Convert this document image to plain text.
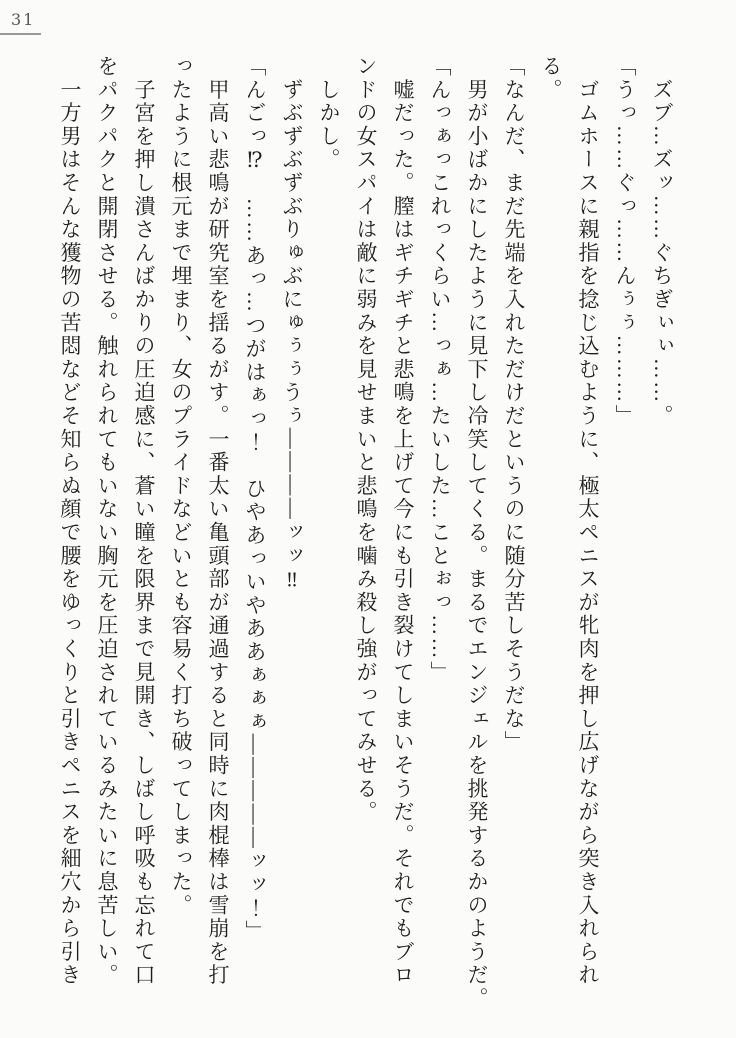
31

　ズブ…ズッ……ぐちぎぃぃ……。

「うっ……ぐっ……んぅぅ………」

　ゴムホースに親指を捻じ込むように、極太ペニスが牝肉を押し広げながら突き入れられ

る。

「なんだ、まだ先端を入れただけだというのに随分苦しそうだな」

　男が小ばかにしたように見下し冷笑してくる。まるでエンジェルを挑発するかのようだ。

「んっぁっこれっくらい…っぁ…たいした…ことぉっ……」

　嘘だった。膣はギチギチと悲鳴を上げて今にも引き裂けてしまいそうだ。それでもブロ

ンドの女スパイは敵に弱みを見せまいと悲鳴を噛み殺し強がってみせる。

　しかし。

　ずぶずぶずぶりゅぶにゅぅぅうぅ――――ッッ‼

「んごっ⁉　……あっ…つがはぁっ！　ひやあっいやああぁぁぁ―――――ッッ！」

　甲高い悲鳴が研究室を揺るがす。一番太い亀頭部が通過すると同時に肉棍棒は雪崩を打

ったように根元まで埋まり、女のプライドなどいとも容易く打ち破ってしまった。

　子宮を押し潰さんばかりの圧迫感に、蒼い瞳を限界まで見開き、しばし呼吸も忘れて口

をパクパクと開閉させる。触れられてもいない胸元を圧迫されているみたいに息苦しい。

　一方男はそんな獲物の苦悶などそ知らぬ顔で腰をゆっくりと引きペニスを細穴から引き
